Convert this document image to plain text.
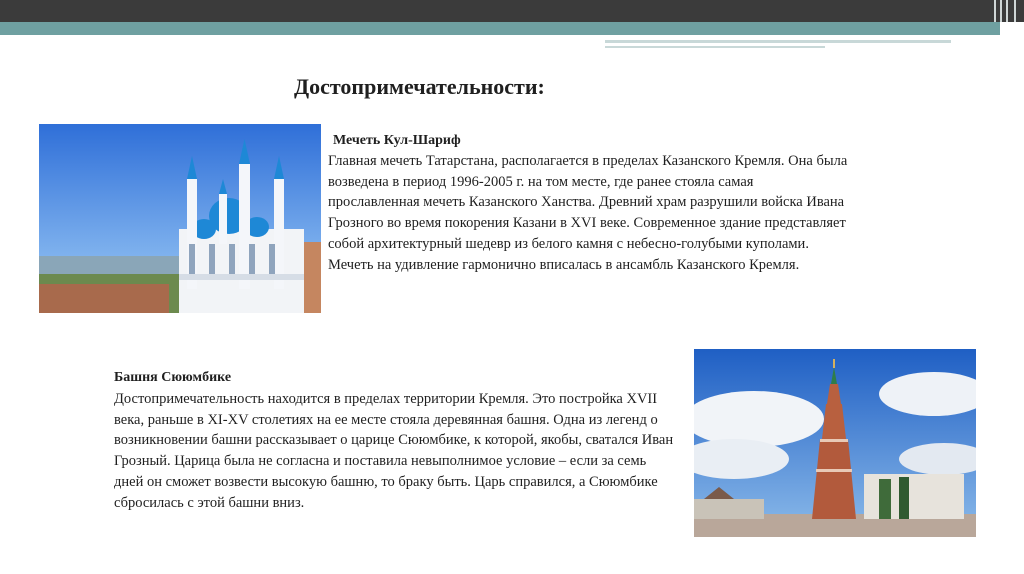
Достопримечательности:
Мечеть Кул-Шариф

Главная мечеть Татарстана, располагается в пределах Казанского Кремля. Она была возведена в период 1996-2005 г. на том месте, где ранее стояла самая прославленная мечеть Казанского Ханства. Древний храм разрушили войска Ивана Грозного во время покорения Казани в XVI веке. Современное здание представляет собой архитектурный шедевр из белого камня с небесно-голубыми куполами. Мечеть на удивление гармонично вписалась в ансамбль Казанского Кремля.

Башня Сююмбике

Достопримечательность находится в пределах территории Кремля. Это постройка XVII века, раньше в XI-XV столетиях на ее месте стояла деревянная башня. Одна из легенд о возникновении башни рассказывает о царице Сююмбике, к которой, якобы, сватался Иван Грозный. Царица была не согласна и поставила невыполнимое условие – если за семь дней он сможет возвести высокую башню, то браку быть. Царь справился, а Сююмбике сбросилась с этой башни вниз.
